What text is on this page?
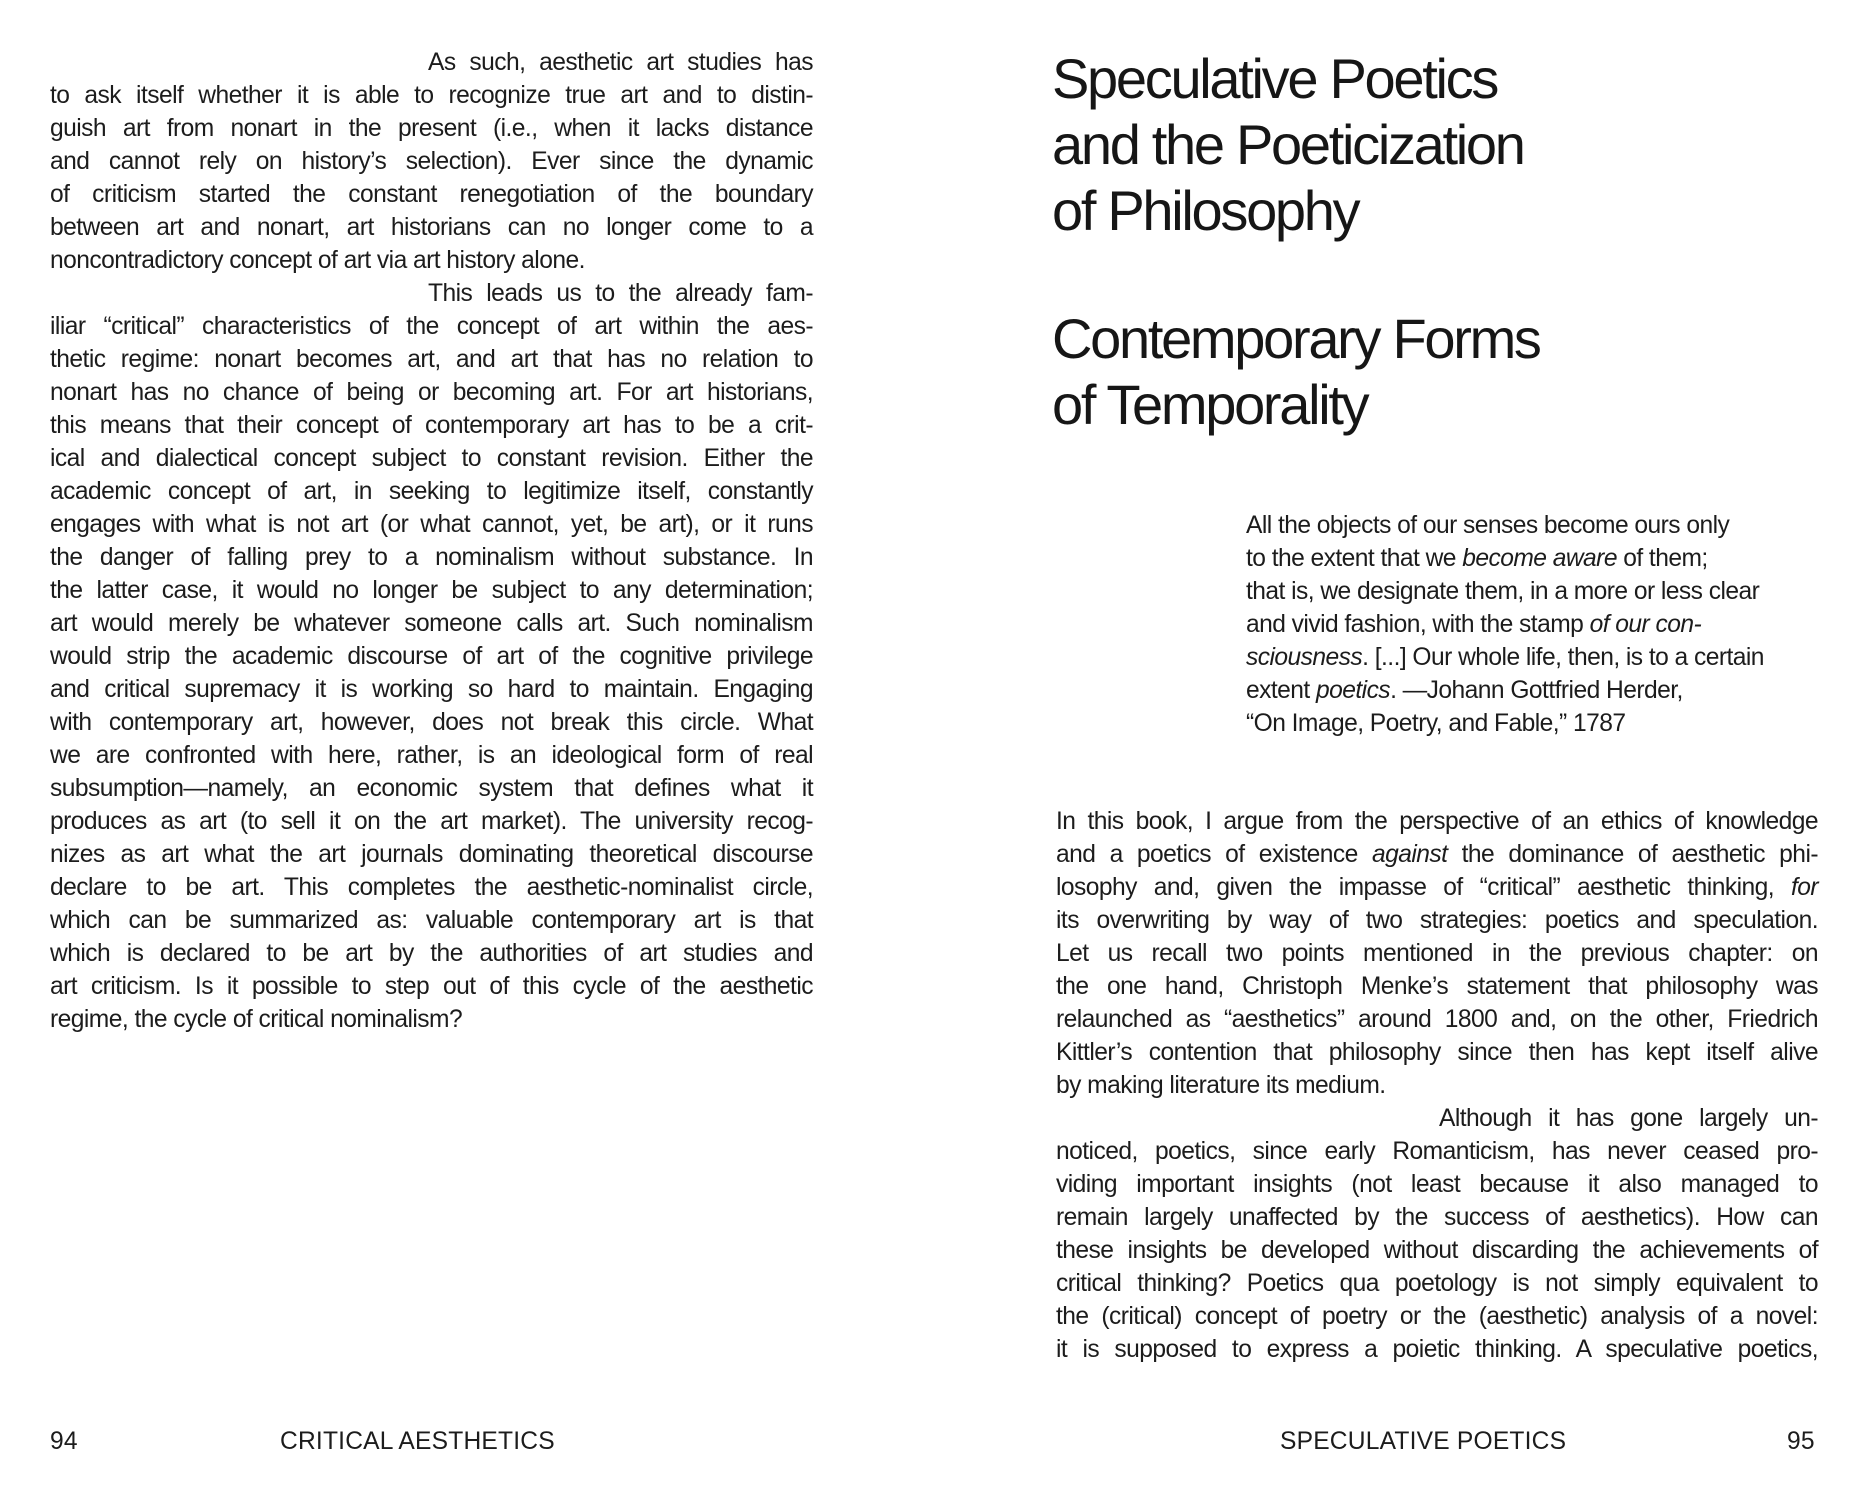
As such, aesthetic art studies has
to ask itself whether it is able to recognize true art and to distin-
guish art from nonart in the present (i.e., when it lacks distance
and cannot rely on history’s selection). Ever since the dynamic
of criticism started the constant renegotiation of the boundary
between art and nonart, art historians can no longer come to a
noncontradictory concept of art via art history alone.
This leads us to the already fam-
iliar “critical” characteristics of the concept of art within the aes-
thetic regime: nonart becomes art, and art that has no relation to
nonart has no chance of being or becoming art. For art historians,
this means that their concept of contemporary art has to be a crit-
ical and dialectical concept subject to constant revision. Either the
academic concept of art, in seeking to legitimize itself, constantly
engages with what is not art (or what cannot, yet, be art), or it runs
the danger of falling prey to a nominalism without substance. In
the latter case, it would no longer be subject to any determination;
art would merely be whatever someone calls art. Such nominalism
would strip the academic discourse of art of the cognitive privilege
and critical supremacy it is working so hard to maintain. Engaging
with contemporary art, however, does not break this circle. What
we are confronted with here, rather, is an ideological form of real
subsumption—namely, an economic system that defines what it
produces as art (to sell it on the art market). The university recog-
nizes as art what the art journals dominating theoretical discourse
declare to be art. This completes the aesthetic-nominalist circle,
which can be summarized as: valuable contemporary art is that
which is declared to be art by the authorities of art studies and
art criticism. Is it possible to step out of this cycle of the aesthetic
regime, the cycle of critical nominalism?
94	CRITICAL AESTHETICS
Speculative Poetics
and the Poeticization
of Philosophy
Contemporary Forms
of Temporality
All the objects of our senses become ours only
to the extent that we become aware of them;
that is, we designate them, in a more or less clear
and vivid fashion, with the stamp of our con-
sciousness. [...] Our whole life, then, is to a certain
extent poetics. —Johann Gottfried Herder,
“On Image, Poetry, and Fable,” 1787
In this book, I argue from the perspective of an ethics of knowledge
and a poetics of existence against the dominance of aesthetic phi-
losophy and, given the impasse of “critical” aesthetic thinking, for
its overwriting by way of two strategies: poetics and speculation.
Let us recall two points mentioned in the previous chapter: on
the one hand, Christoph Menke’s statement that philosophy was
relaunched as “aesthetics” around 1800 and, on the other, Friedrich
Kittler’s contention that philosophy since then has kept itself alive
by making literature its medium.
Although it has gone largely un-
noticed, poetics, since early Romanticism, has never ceased pro-
viding important insights (not least because it also managed to
remain largely unaffected by the success of aesthetics). How can
these insights be developed without discarding the achievements of
critical thinking? Poetics qua poetology is not simply equivalent to
the (critical) concept of poetry or the (aesthetic) analysis of a novel:
it is supposed to express a poietic thinking. A speculative poetics,
SPECULATIVE POETICS	95
